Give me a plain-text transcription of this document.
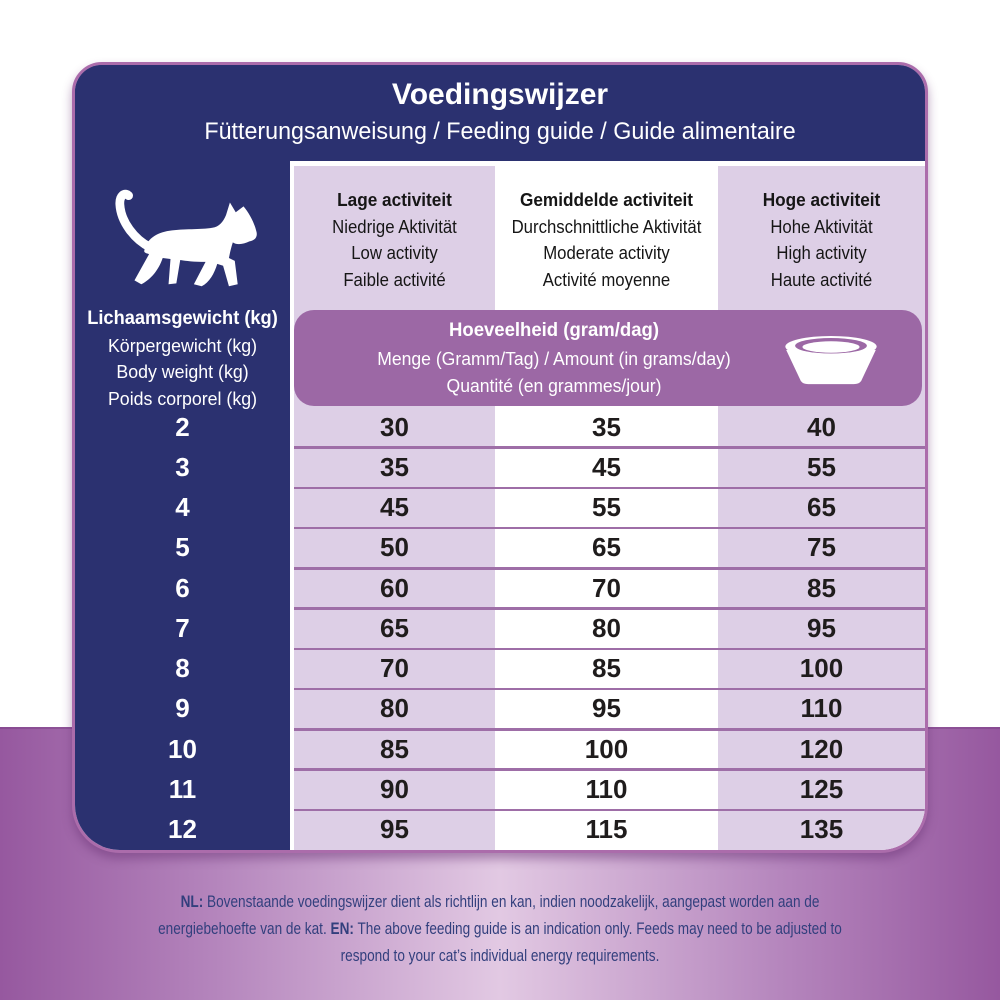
Voedingswijzer
Fütterungsanweisung / Feeding guide / Guide alimentaire
Lage activiteit
Niedrige Aktivität
Low activity
Faible activité
Gemiddelde activiteit
Durchschnittliche Aktivität
Moderate activity
Activité moyenne
Hoge activiteit
Hohe Aktivität
High activity
Haute activité
Lichaamsgewicht (kg)
Körpergewicht (kg)
Body weight (kg)
Poids corporel (kg)
Hoeveelheid (gram/dag)
Menge (Gramm/Tag) / Amount (in grams/day)
Quantité (en grammes/jour)
2	30	35	40
3	35	45	55
4	45	55	65
5	50	65	75
6	60	70	85
7	65	80	95
8	70	85	100
9	80	95	110
10	85	100	120
11	90	110	125
12	95	115	135

NL: Bovenstaande voedingswijzer dient als richtlijn en kan, indien noodzakelijk, aangepast worden aan de energiebehoefte van de kat. EN: The above feeding guide is an indication only. Feeds may need to be adjusted to respond to your cat’s individual energy requirements.
